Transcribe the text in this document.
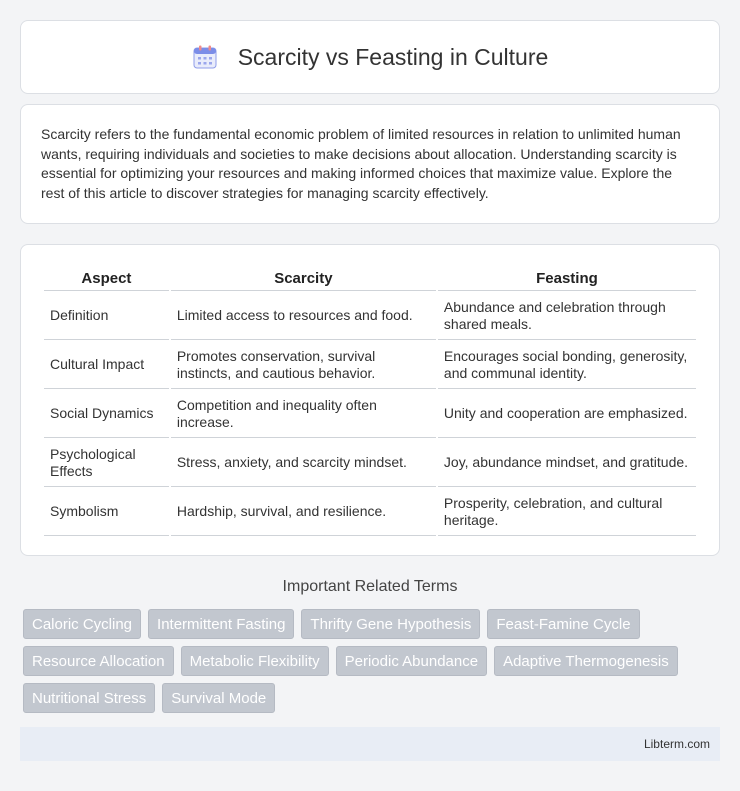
Scarcity vs Feasting in Culture

Scarcity refers to the fundamental economic problem of limited resources in relation to unlimited human wants, requiring individuals and societies to make decisions about allocation. Understanding scarcity is essential for optimizing your resources and making informed choices that maximize value. Explore the rest of this article to discover strategies for managing scarcity effectively.

Aspect	Scarcity	Feasting
Definition	Limited access to resources and food.	Abundance and celebration through shared meals.
Cultural Impact	Promotes conservation, survival instincts, and cautious behavior.	Encourages social bonding, generosity, and communal identity.
Social Dynamics	Competition and inequality often increase.	Unity and cooperation are emphasized.
Psychological Effects	Stress, anxiety, and scarcity mindset.	Joy, abundance mindset, and gratitude.
Symbolism	Hardship, survival, and resilience.	Prosperity, celebration, and cultural heritage.
Important Related Terms
Caloric Cycling	Intermittent Fasting	Thrifty Gene Hypothesis	Feast-Famine Cycle
Resource Allocation	Metabolic Flexibility	Periodic Abundance	Adaptive Thermogenesis
Nutritional Stress	Survival Mode
Libterm.com
